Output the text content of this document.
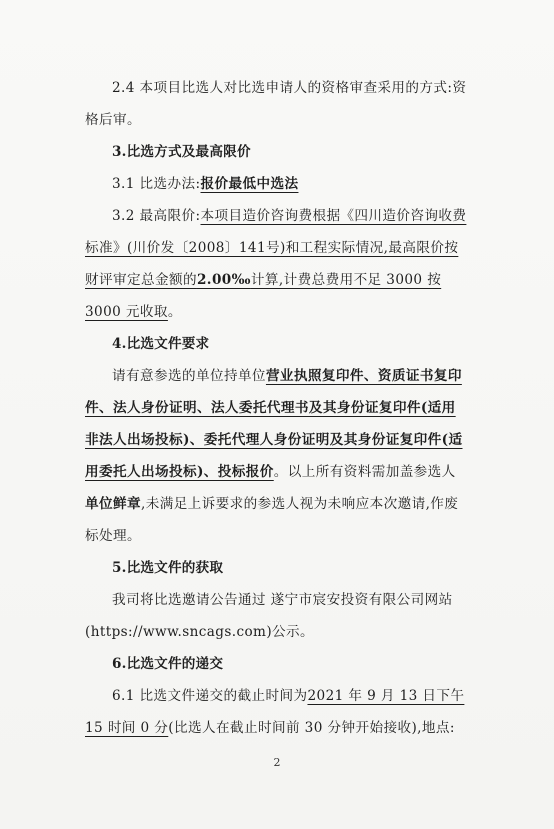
2.4 本项目比选人对比选申请人的资格审查采用的方式:资格后审。

3.比选方式及最高限价

3.1 比选办法:报价最低中选法

3.2 最高限价:本项目造价咨询费根据《四川造价咨询收费标准》(川价发〔2008〕141号)和工程实际情况,最高限价按财评审定总金额的2.00‰计算,计费总费用不足 3000 按 3000 元收取。

4.比选文件要求

请有意参选的单位持单位营业执照复印件、资质证书复印件、法人身份证明、法人委托代理书及其身份证复印件(适用非法人出场投标)、委托代理人身份证明及其身份证复印件(适用委托人出场投标)、投标报价。以上所有资料需加盖参选人单位鲜章,未满足上诉要求的参选人视为未响应本次邀请,作废标处理。

5.比选文件的获取

我司将比选邀请公告通过 遂宁市宸安投资有限公司网站(https://www.sncags.com)公示。

6.比选文件的递交

6.1 比选文件递交的截止时间为2021 年 9 月 13 日下午 15 时间 0 分(比选人在截止时间前 30 分钟开始接收),地点:

2
